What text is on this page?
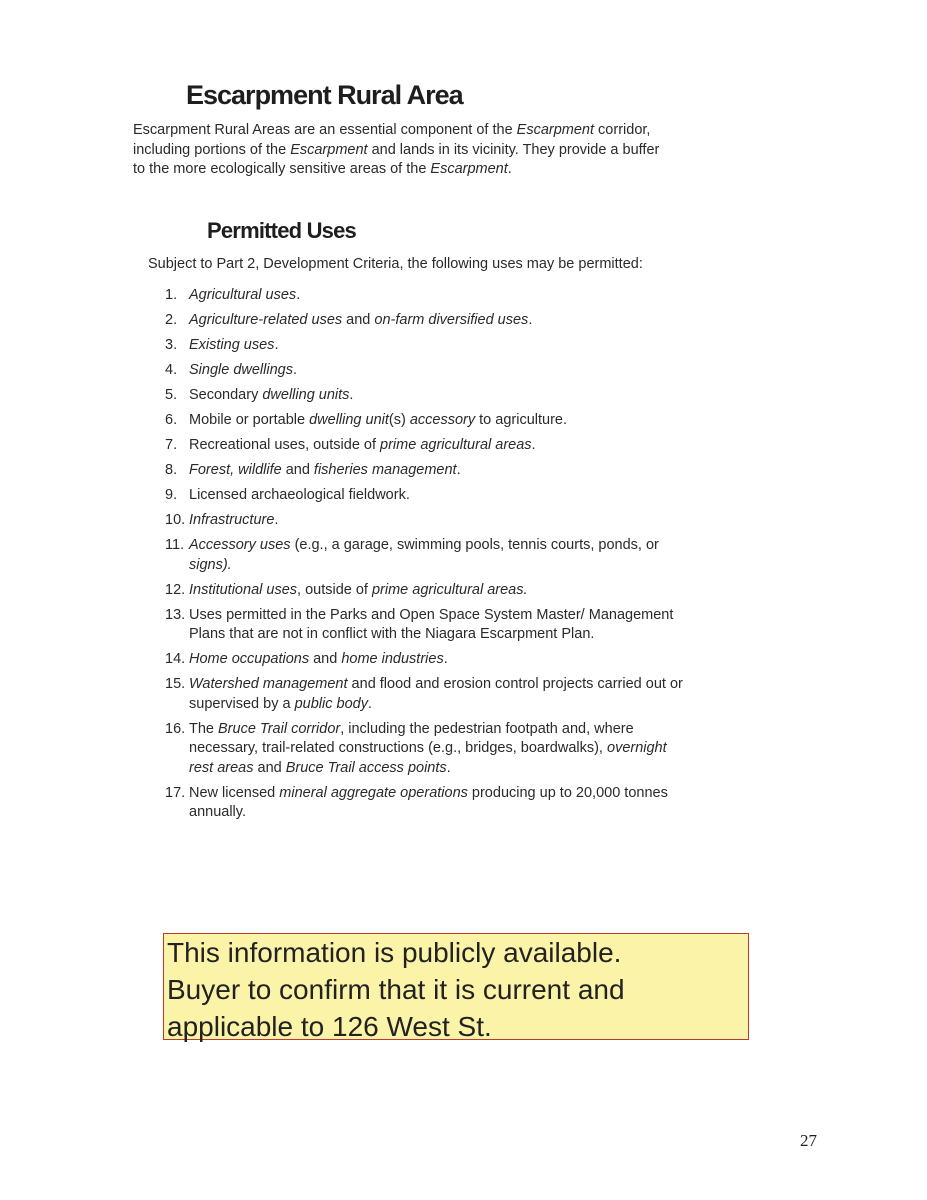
Escarpment Rural Area

Escarpment Rural Areas are an essential component of the Escarpment corridor, including portions of the Escarpment and lands in its vicinity. They provide a buffer to the more ecologically sensitive areas of the Escarpment.

Permitted Uses

Subject to Part 2, Development Criteria, the following uses may be permitted:

1. Agricultural uses.
2. Agriculture-related uses and on-farm diversified uses.
3. Existing uses.
4. Single dwellings.
5. Secondary dwelling units.
6. Mobile or portable dwelling unit(s) accessory to agriculture.
7. Recreational uses, outside of prime agricultural areas.
8. Forest, wildlife and fisheries management.
9. Licensed archaeological fieldwork.
10. Infrastructure.
11. Accessory uses (e.g., a garage, swimming pools, tennis courts, ponds, or signs).
12. Institutional uses, outside of prime agricultural areas.
13. Uses permitted in the Parks and Open Space System Master/ Management Plans that are not in conflict with the Niagara Escarpment Plan.
14. Home occupations and home industries.
15. Watershed management and flood and erosion control projects carried out or supervised by a public body.
16. The Bruce Trail corridor, including the pedestrian footpath and, where necessary, trail-related constructions (e.g., bridges, boardwalks), overnight rest areas and Bruce Trail access points.
17. New licensed mineral aggregate operations producing up to 20,000 tonnes annually.
This information is publicly available.
Buyer to confirm that it is current and
applicable to 126 West St.
27
